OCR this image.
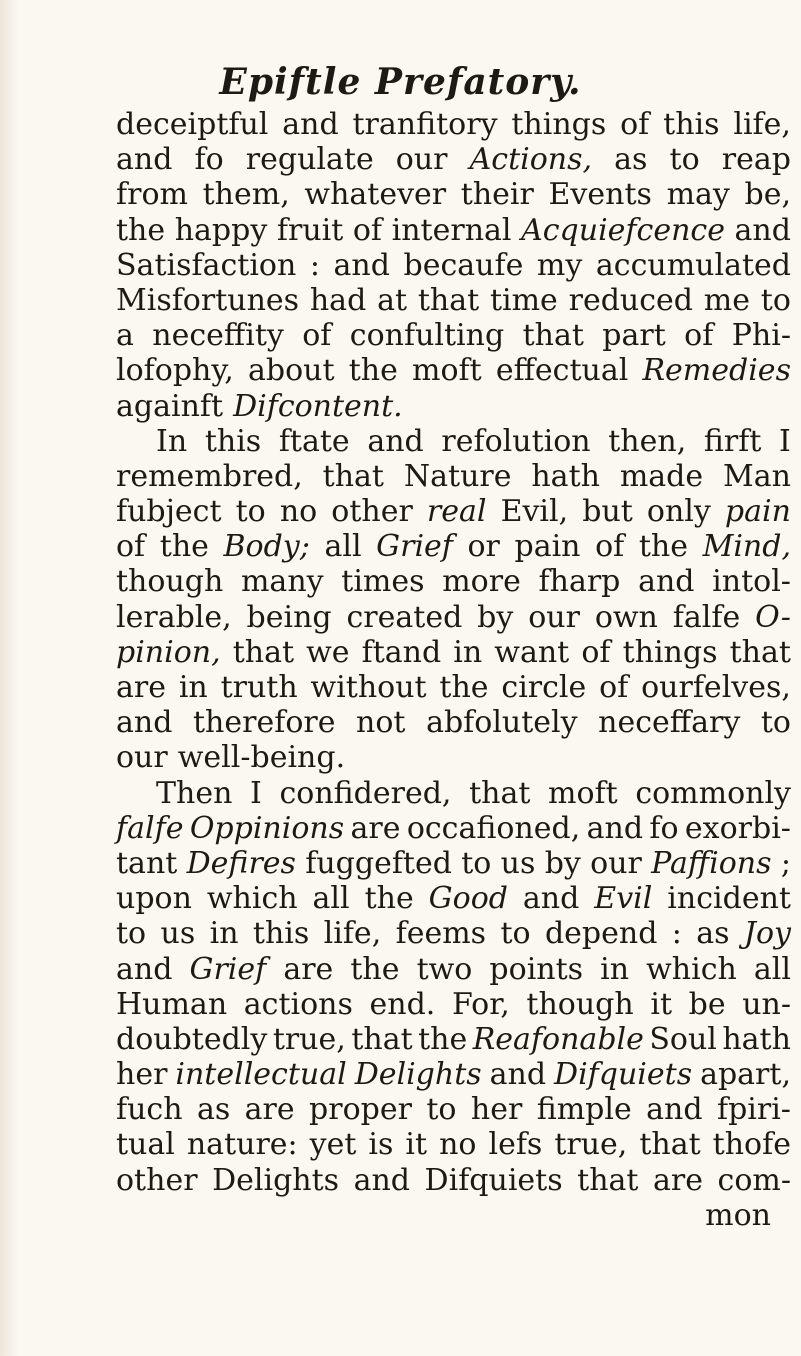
Epiftle Prefatory.
deceiptful and tranfitory things of this life,
and fo regulate our Actions, as to reap
from them, whatever their Events may be,
the happy fruit of internal Acquiefcence and
Satisfaction : and becaufe my accumulated
Misfortunes had at that time reduced me to
a neceffity of confulting that part of Phi-
lofophy, about the moft effectual Remedies
againft Difcontent.
In this ftate and refolution then, firft I
remembred, that Nature hath made Man
fubject to no other real Evil, but only pain
of the Body; all Grief or pain of the Mind,
though many times more fharp and intol-
lerable, being created by our own falfe O-
pinion, that we ftand in want of things that
are in truth without the circle of ourfelves,
and therefore not abfolutely neceffary to
our well-being.
Then I confidered, that moft commonly
falfe Oppinions are occafioned, and fo exorbi-
tant Defires fuggefted to us by our Paffions ;
upon which all the Good and Evil incident
to us in this life, feems to depend : as Joy
and Grief are the two points in which all
Human actions end. For, though it be un-
doubtedly true, that the Reafonable Soul hath
her intellectual Delights and Difquiets apart,
fuch as are proper to her fimple and fpiri-
tual nature: yet is it no lefs true, that thofe
other Delights and Difquiets that are com-
mon
